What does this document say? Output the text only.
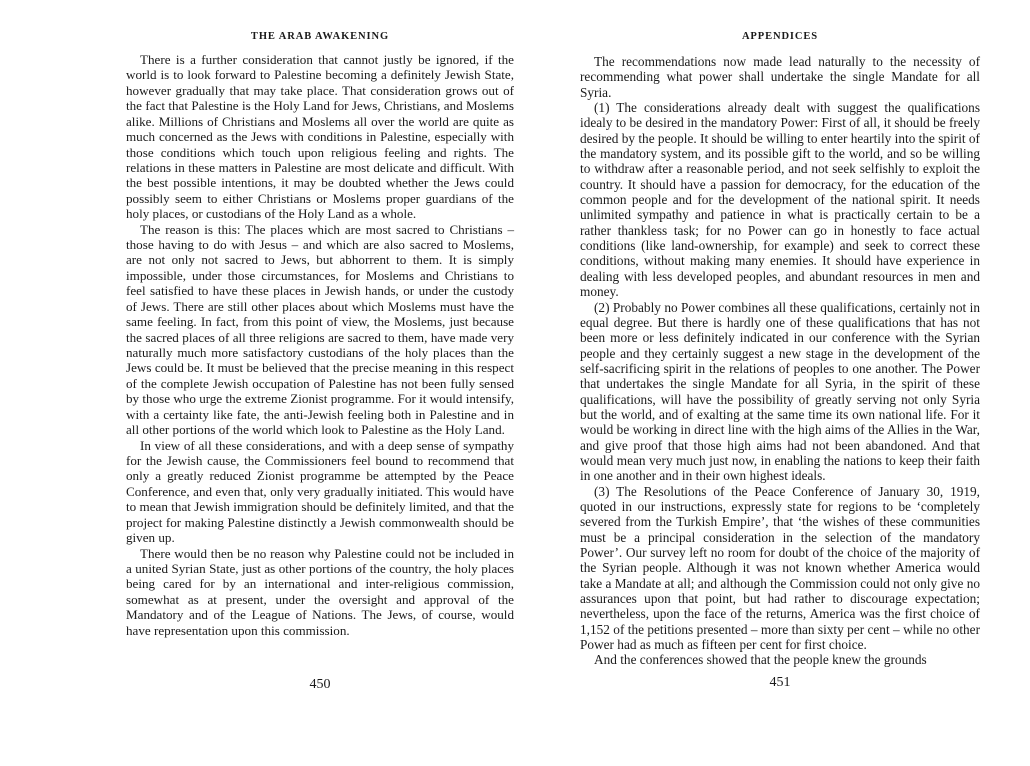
THE ARAB AWAKENING

There is a further consideration that cannot justly be ignored, if the world is to look forward to Palestine becoming a definitely Jewish State, however gradually that may take place. That consideration grows out of the fact that Palestine is the Holy Land for Jews, Christians, and Moslems alike. Millions of Christians and Moslems all over the world are quite as much concerned as the Jews with conditions in Palestine, especially with those conditions which touch upon religious feeling and rights. The relations in these matters in Palestine are most delicate and difficult. With the best possible intentions, it may be doubted whether the Jews could possibly seem to either Christians or Moslems proper guardians of the holy places, or custodians of the Holy Land as a whole.

The reason is this: The places which are most sacred to Christians – those having to do with Jesus – and which are also sacred to Moslems, are not only not sacred to Jews, but abhorrent to them. It is simply impossible, under those circumstances, for Moslems and Christians to feel satisfied to have these places in Jewish hands, or under the custody of Jews. There are still other places about which Moslems must have the same feeling. In fact, from this point of view, the Moslems, just because the sacred places of all three religions are sacred to them, have made very naturally much more satisfactory custodians of the holy places than the Jews could be. It must be believed that the precise meaning in this respect of the complete Jewish occupation of Palestine has not been fully sensed by those who urge the extreme Zionist programme. For it would intensify, with a certainty like fate, the anti-Jewish feeling both in Palestine and in all other portions of the world which look to Palestine as the Holy Land.

In view of all these considerations, and with a deep sense of sympathy for the Jewish cause, the Commissioners feel bound to recommend that only a greatly reduced Zionist programme be attempted by the Peace Conference, and even that, only very gradually initiated. This would have to mean that Jewish immigration should be definitely limited, and that the project for making Palestine distinctly a Jewish commonwealth should be given up.

There would then be no reason why Palestine could not be included in a united Syrian State, just as other portions of the country, the holy places being cared for by an international and inter-religious commission, somewhat as at present, under the oversight and approval of the Mandatory and of the League of Nations. The Jews, of course, would have representation upon this commission.

450
APPENDICES

The recommendations now made lead naturally to the necessity of recommending what power shall undertake the single Mandate for all Syria.

(1) The considerations already dealt with suggest the qualifications idealy to be desired in the mandatory Power: First of all, it should be freely desired by the people. It should be willing to enter heartily into the spirit of the mandatory system, and its possible gift to the world, and so be willing to withdraw after a reasonable period, and not seek selfishly to exploit the country. It should have a passion for democracy, for the education of the common people and for the development of the national spirit. It needs unlimited sympathy and patience in what is practically certain to be a rather thankless task; for no Power can go in honestly to face actual conditions (like land-ownership, for example) and seek to correct these conditions, without making many enemies. It should have experience in dealing with less developed peoples, and abundant resources in men and money.

(2) Probably no Power combines all these qualifications, certainly not in equal degree. But there is hardly one of these qualifications that has not been more or less definitely indicated in our conference with the Syrian people and they certainly suggest a new stage in the development of the self-sacrificing spirit in the relations of peoples to one another. The Power that undertakes the single Mandate for all Syria, in the spirit of these qualifications, will have the possibility of greatly serving not only Syria but the world, and of exalting at the same time its own national life. For it would be working in direct line with the high aims of the Allies in the War, and give proof that those high aims had not been abandoned. And that would mean very much just now, in enabling the nations to keep their faith in one another and in their own highest ideals.

(3) The Resolutions of the Peace Conference of January 30, 1919, quoted in our instructions, expressly state for regions to be ‘completely severed from the Turkish Empire’, that ‘the wishes of these communities must be a principal consideration in the selection of the mandatory Power’. Our survey left no room for doubt of the choice of the majority of the Syrian people. Although it was not known whether America would take a Mandate at all; and although the Commission could not only give no assurances upon that point, but had rather to discourage expectation; nevertheless, upon the face of the returns, America was the first choice of 1,152 of the petitions presented – more than sixty per cent – while no other Power had as much as fifteen per cent for first choice.

And the conferences showed that the people knew the grounds

451
